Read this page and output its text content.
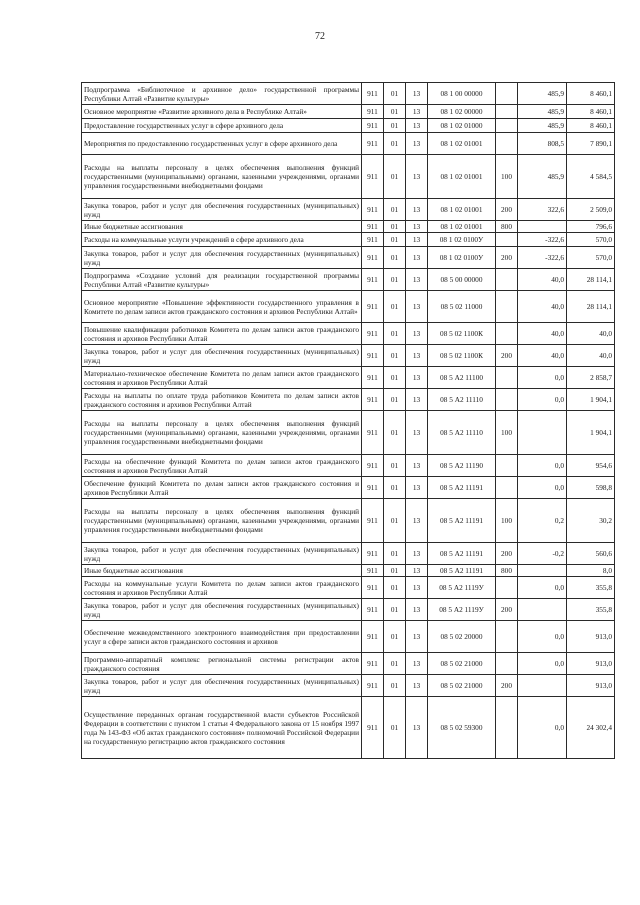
72
Подпрограмма «Библиотечное и архивное дело» государственной программы Республики Алтай «Развитие культуры»	911	01	13	08 1 00 00000		485,9	8 460,1
Основное мероприятие «Развитие архивного дела в Республике Алтай»	911	01	13	08 1 02 00000		485,9	8 460,1
Предоставление государственных услуг в сфере архивного дела	911	01	13	08 1 02 01000		485,9	8 460,1
Мероприятия по предоставлению государственных услуг в сфере архивного дела	911	01	13	08 1 02 01001		808,5	7 890,1
Расходы на выплаты персоналу в целях обеспечения выполнения функций государственными (муниципальными) органами, казенными учреждениями, органами управления государственными внебюджетными фондами	911	01	13	08 1 02 01001	100	485,9	4 584,5
Закупка товаров, работ и услуг для обеспечения государственных (муниципальных) нужд	911	01	13	08 1 02 01001	200	322,6	2 509,0
Иные бюджетные ассигнования	911	01	13	08 1 02 01001	800		796,6
Расходы на коммунальные услуги учреждений в сфере архивного дела	911	01	13	08 1 02 0100У		-322,6	570,0
Закупка товаров, работ и услуг для обеспечения государственных (муниципальных) нужд	911	01	13	08 1 02 0100У	200	-322,6	570,0
Подпрограмма «Создание условий для реализации государственной программы Республики Алтай «Развитие культуры»	911	01	13	08 5 00 00000		40,0	28 114,1
Основное мероприятие «Повышение эффективности государственного управления в Комитете по делам записи актов гражданского состояния и архивов Республики Алтай»	911	01	13	08 5 02 11000		40,0	28 114,1
Повышение квалификации работников Комитета по делам записи актов гражданского состояния и архивов Республики Алтай	911	01	13	08 5 02 1100К		40,0	40,0
Закупка товаров, работ и услуг для обеспечения государственных (муниципальных) нужд	911	01	13	08 5 02 1100К	200	40,0	40,0
Материально-техническое обеспечение Комитета по делам записи актов гражданского состояния и архивов Республики Алтай	911	01	13	08 5 А2 11100		0,0	2 858,7
Расходы на выплаты по оплате труда работников Комитета по делам записи актов гражданского состояния и архивов Республики Алтай	911	01	13	08 5 А2 11110		0,0	1 904,1
Расходы на выплаты персоналу в целях обеспечения выполнения функций государственными (муниципальными) органами, казенными учреждениями, органами управления государственными внебюджетными фондами	911	01	13	08 5 А2 11110	100		1 904,1
Расходы на обеспечение функций Комитета по делам записи актов гражданского состояния и архивов Республики Алтай	911	01	13	08 5 А2 11190		0,0	954,6
Обеспечение функций Комитета по делам записи актов гражданского состояния и архивов Республики Алтай	911	01	13	08 5 А2 11191		0,0	598,8
Расходы на выплаты персоналу в целях обеспечения выполнения функций государственными (муниципальными) органами, казенными учреждениями, органами управления государственными внебюджетными фондами	911	01	13	08 5 А2 11191	100	0,2	30,2
Закупка товаров, работ и услуг для обеспечения государственных (муниципальных) нужд	911	01	13	08 5 А2 11191	200	-0,2	560,6
Иные бюджетные ассигнования	911	01	13	08 5 А2 11191	800		8,0
Расходы на коммунальные услуги Комитета по делам записи актов гражданского состояния и архивов Республики Алтай	911	01	13	08 5 А2 1119У		0,0	355,8
Закупка товаров, работ и услуг для обеспечения государственных (муниципальных) нужд	911	01	13	08 5 А2 1119У	200		355,8
Обеспечение межведомственного электронного взаимодействия при предоставлении услуг в сфере записи актов гражданского состояния и архивов	911	01	13	08 5 02 20000		0,0	913,0
Программно-аппаратный комплекс региональной системы регистрации актов гражданского состояния	911	01	13	08 5 02 21000		0,0	913,0
Закупка товаров, работ и услуг для обеспечения государственных (муниципальных) нужд	911	01	13	08 5 02 21000	200		913,0
Осуществление переданных органам государственной власти субъектов Российской Федерации в соответствии с пунктом 1 статьи 4 Федерального закона от 15 ноября 1997 года № 143-ФЗ «Об актах гражданского состояния» полномочий Российской Федерации на государственную регистрацию актов гражданского состояния	911	01	13	08 5 02 59300		0,0	24 302,4
